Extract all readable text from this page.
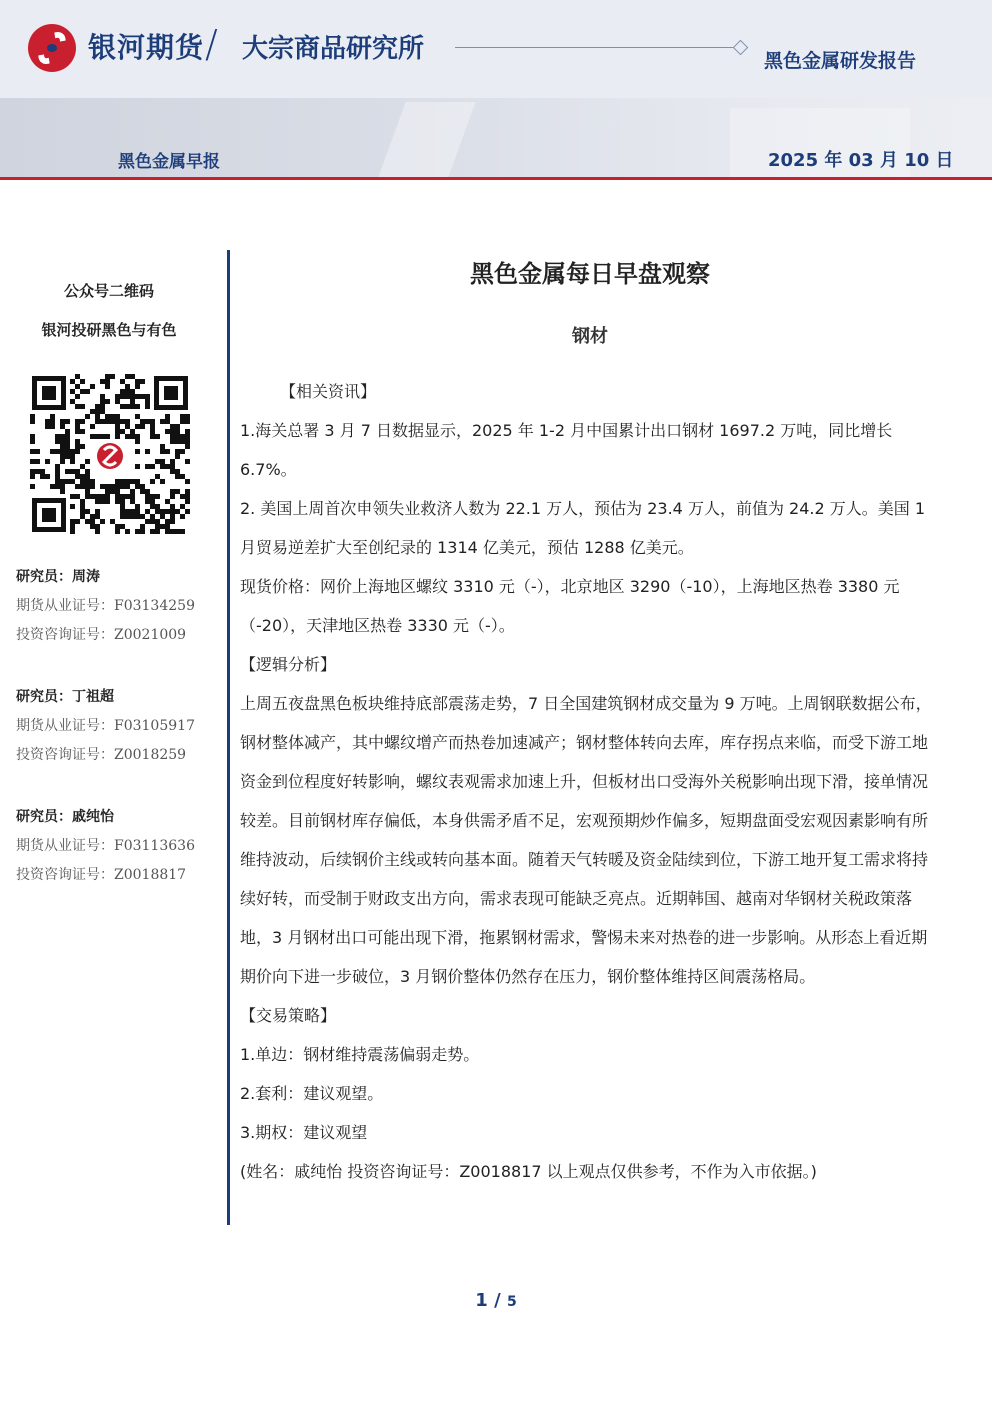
银河期货 / 大宗商品研究所	黑色金属研发报告
黑色金属早报	2025 年 03 月 10 日
公众号二维码
银河投研黑色与有色
研究员：周涛
期货从业证号：F03134259
投资咨询证号：Z0021009
研究员：丁祖超
期货从业证号：F03105917
投资咨询证号：Z0018259
研究员：戚纯怡
期货从业证号：F03113636
投资咨询证号：Z0018817
黑色金属每日早盘观察
钢材

【相关资讯】

1.海关总署 3 月 7 日数据显示，2025 年 1-2 月中国累计出口钢材 1697.2 万吨，同比增长 6.7%。

2. 美国上周首次申领失业救济人数为 22.1 万人，预估为 23.4 万人，前值为 24.2 万人。美国 1 月贸易逆差扩大至创纪录的 1314 亿美元，预估 1288 亿美元。

现货价格：网价上海地区螺纹 3310 元（-），北京地区 3290（-10），上海地区热卷 3380 元（-20），天津地区热卷 3330 元（-）。

【逻辑分析】

上周五夜盘黑色板块维持底部震荡走势，7 日全国建筑钢材成交量为 9 万吨。上周钢联数据公布，钢材整体减产，其中螺纹增产而热卷加速减产；钢材整体转向去库，库存拐点来临，而受下游工地资金到位程度好转影响，螺纹表观需求加速上升，但板材出口受海外关税影响出现下滑，接单情况较差。目前钢材库存偏低，本身供需矛盾不足，宏观预期炒作偏多，短期盘面受宏观因素影响有所维持波动，后续钢价主线或转向基本面。随着天气转暖及资金陆续到位，下游工地开复工需求将持续好转，而受制于财政支出方向，需求表现可能缺乏亮点。近期韩国、越南对华钢材关税政策落地，3 月钢材出口可能出现下滑，拖累钢材需求，警惕未来对热卷的进一步影响。从形态上看近期期价向下进一步破位，3 月钢价整体仍然存在压力，钢价整体维持区间震荡格局。

【交易策略】

1.单边：钢材维持震荡偏弱走势。

2.套利：建议观望。

3.期权：建议观望

(姓名：戚纯怡 投资咨询证号：Z0018817 以上观点仅供参考，不作为入市依据。)

1 / 5
